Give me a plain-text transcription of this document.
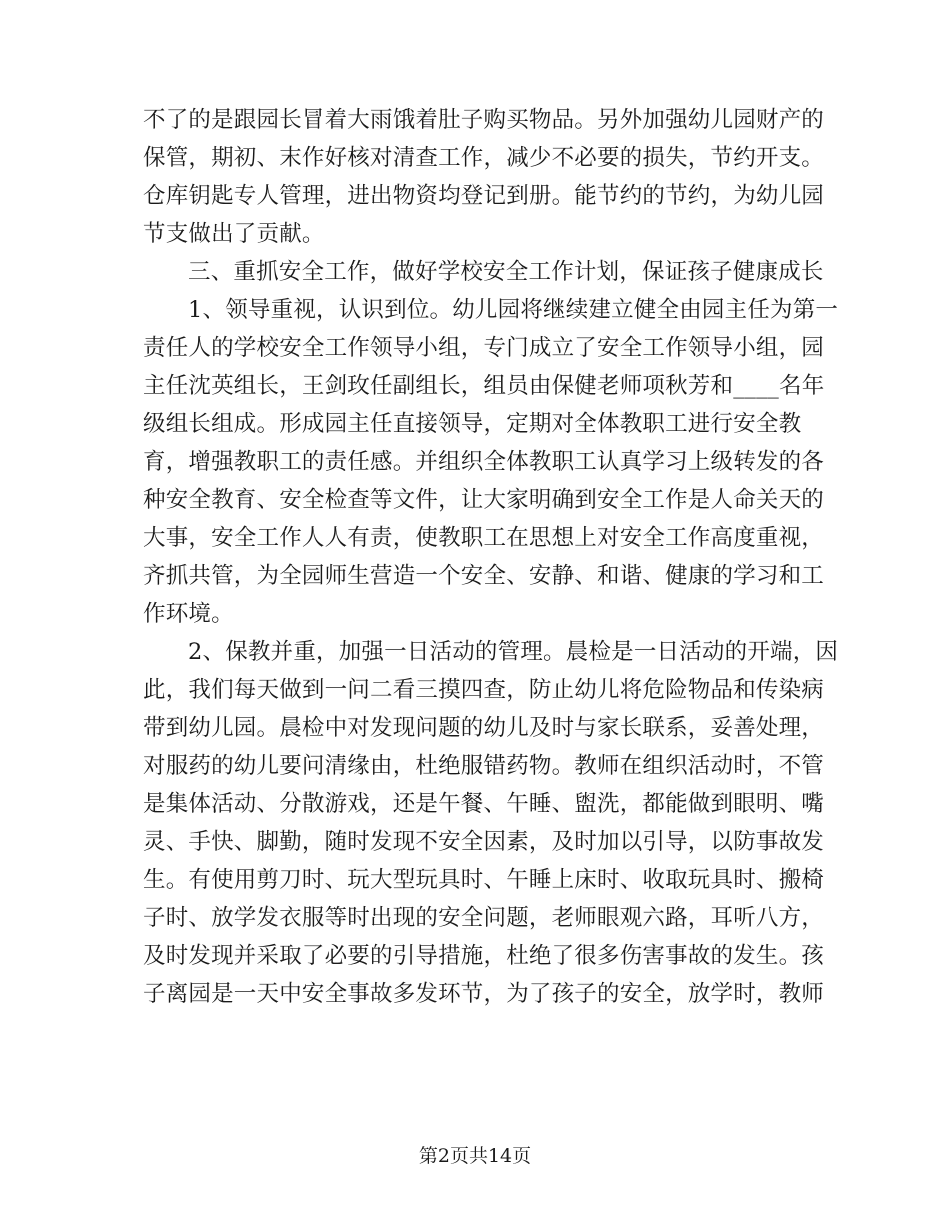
不了的是跟园长冒着大雨饿着肚子购买物品。另外加强幼儿园财产的
保管，期初、末作好核对清查工作，减少不必要的损失，节约开支。
仓库钥匙专人管理，进出物资均登记到册。能节约的节约，为幼儿园
节支做出了贡献。
三、重抓安全工作，做好学校安全工作计划，保证孩子健康成长
1、领导重视，认识到位。幼儿园将继续建立健全由园主任为第一
责任人的学校安全工作领导小组，专门成立了安全工作领导小组，园
主任沈英组长，王剑玫任副组长，组员由保健老师项秋芳和____名年
级组长组成。形成园主任直接领导，定期对全体教职工进行安全教
育，增强教职工的责任感。并组织全体教职工认真学习上级转发的各
种安全教育、安全检查等文件，让大家明确到安全工作是人命关天的
大事，安全工作人人有责，使教职工在思想上对安全工作高度重视，
齐抓共管，为全园师生营造一个安全、安静、和谐、健康的学习和工
作环境。
2、保教并重，加强一日活动的管理。晨检是一日活动的开端，因
此，我们每天做到一问二看三摸四查，防止幼儿将危险物品和传染病
带到幼儿园。晨检中对发现问题的幼儿及时与家长联系，妥善处理，
对服药的幼儿要问清缘由，杜绝服错药物。教师在组织活动时，不管
是集体活动、分散游戏，还是午餐、午睡、盥洗，都能做到眼明、嘴
灵、手快、脚勤，随时发现不安全因素，及时加以引导，以防事故发
生。有使用剪刀时、玩大型玩具时、午睡上床时、收取玩具时、搬椅
子时、放学发衣服等时出现的安全问题，老师眼观六路，耳听八方，
及时发现并采取了必要的引导措施，杜绝了很多伤害事故的发生。孩
子离园是一天中安全事故多发环节，为了孩子的安全，放学时，教师
第2页共14页
